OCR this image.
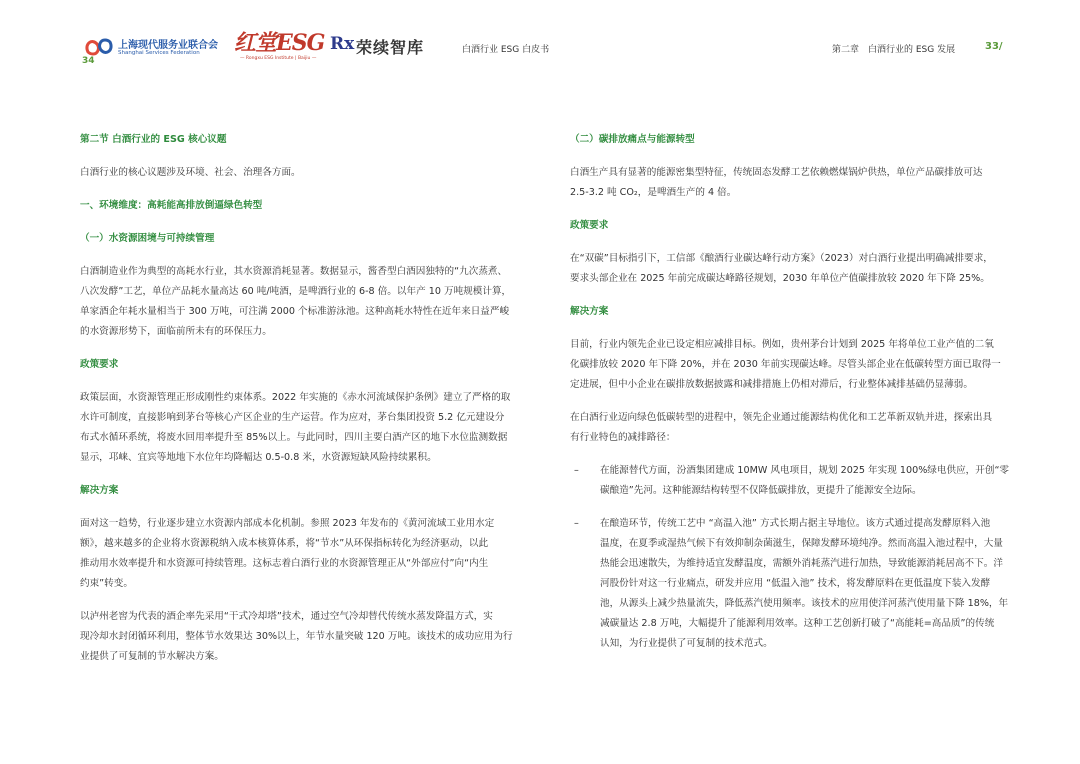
上海现代服务业联合会
Shanghai Services Federation
34
红堂ESG
— Rongxu ESG Institute | Baijiu —
Rx 荣续智库	白酒行业 ESG 白皮书	第二章　白酒行业的 ESG 发展	33/

第二节 白酒行业的 ESG 核心议题

白酒行业的核心议题涉及环境、社会、治理各方面。

一、环境维度：高耗能高排放倒逼绿色转型

（一）水资源困境与可持续管理

白酒制造业作为典型的高耗水行业，其水资源消耗显著。数据显示，酱香型白酒因独特的“九次蒸煮、

八次发酵”工艺，单位产品耗水量高达 60 吨/吨酒，是啤酒行业的 6-8 倍。以年产 10 万吨规模计算，

单家酒企年耗水量相当于 300 万吨，可注满 2000 个标准游泳池。这种高耗水特性在近年来日益严峻

的水资源形势下，面临前所未有的环保压力。

政策要求

政策层面，水资源管理正形成刚性约束体系。2022 年实施的《赤水河流域保护条例》建立了严格的取

水许可制度，直接影响到茅台等核心产区企业的生产运营。作为应对，茅台集团投资 5.2 亿元建设分

布式水循环系统，将废水回用率提升至 85%以上。与此同时，四川主要白酒产区的地下水位监测数据

显示，邛崃、宜宾等地地下水位年均降幅达 0.5-0.8 米，水资源短缺风险持续累积。

解决方案

面对这一趋势，行业逐步建立水资源内部成本化机制。参照 2023 年发布的《黄河流域工业用水定

额》，越来越多的企业将水资源税纳入成本核算体系，将“节水”从环保指标转化为经济驱动，以此

推动用水效率提升和水资源可持续管理。这标志着白酒行业的水资源管理正从“外部应付”向“内生

约束”转变。

以泸州老窖为代表的酒企率先采用“干式冷却塔”技术，通过空气冷却替代传统水蒸发降温方式，实

现冷却水封闭循环利用，整体节水效果达 30%以上，年节水量突破 120 万吨。该技术的成功应用为行

业提供了可复制的节水解决方案。

（二）碳排放痛点与能源转型

白酒生产具有显著的能源密集型特征，传统固态发酵工艺依赖燃煤锅炉供热，单位产品碳排放可达

2.5-3.2 吨 CO₂，是啤酒生产的 4 倍。

政策要求

在“双碳”目标指引下，工信部《酿酒行业碳达峰行动方案》（2023）对白酒行业提出明确减排要求，

要求头部企业在 2025 年前完成碳达峰路径规划，2030 年单位产值碳排放较 2020 年下降 25%。

解决方案

目前，行业内领先企业已设定相应减排目标。例如，贵州茅台计划到 2025 年将单位工业产值的二氧

化碳排放较 2020 年下降 20%，并在 2030 年前实现碳达峰。尽管头部企业在低碳转型方面已取得一

定进展，但中小企业在碳排放数据披露和减排措施上仍相对滞后，行业整体减排基础仍显薄弱。

在白酒行业迈向绿色低碳转型的进程中，领先企业通过能源结构优化和工艺革新双轨并进，探索出具

有行业特色的减排路径：

– 在能源替代方面，汾酒集团建成 10MW 风电项目，规划 2025 年实现 100%绿电供应，开创“零

碳酿造”先河。这种能源结构转型不仅降低碳排放，更提升了能源安全边际。

– 在酿造环节，传统工艺中 “高温入池” 方式长期占据主导地位。该方式通过提高发酵原料入池

温度，在夏季或湿热气候下有效抑制杂菌滋生，保障发酵环境纯净。然而高温入池过程中，大量

热能会迅速散失，为维持适宜发酵温度，需额外消耗蒸汽进行加热，导致能源消耗居高不下。洋

河股份针对这一行业痛点，研发并应用 “低温入池” 技术，将发酵原料在更低温度下装入发酵

池，从源头上减少热量流失，降低蒸汽使用频率。该技术的应用使洋河蒸汽使用量下降 18%，年

减碳量达 2.8 万吨，大幅提升了能源利用效率。这种工艺创新打破了“高能耗=高品质”的传统

认知，为行业提供了可复制的技术范式。
